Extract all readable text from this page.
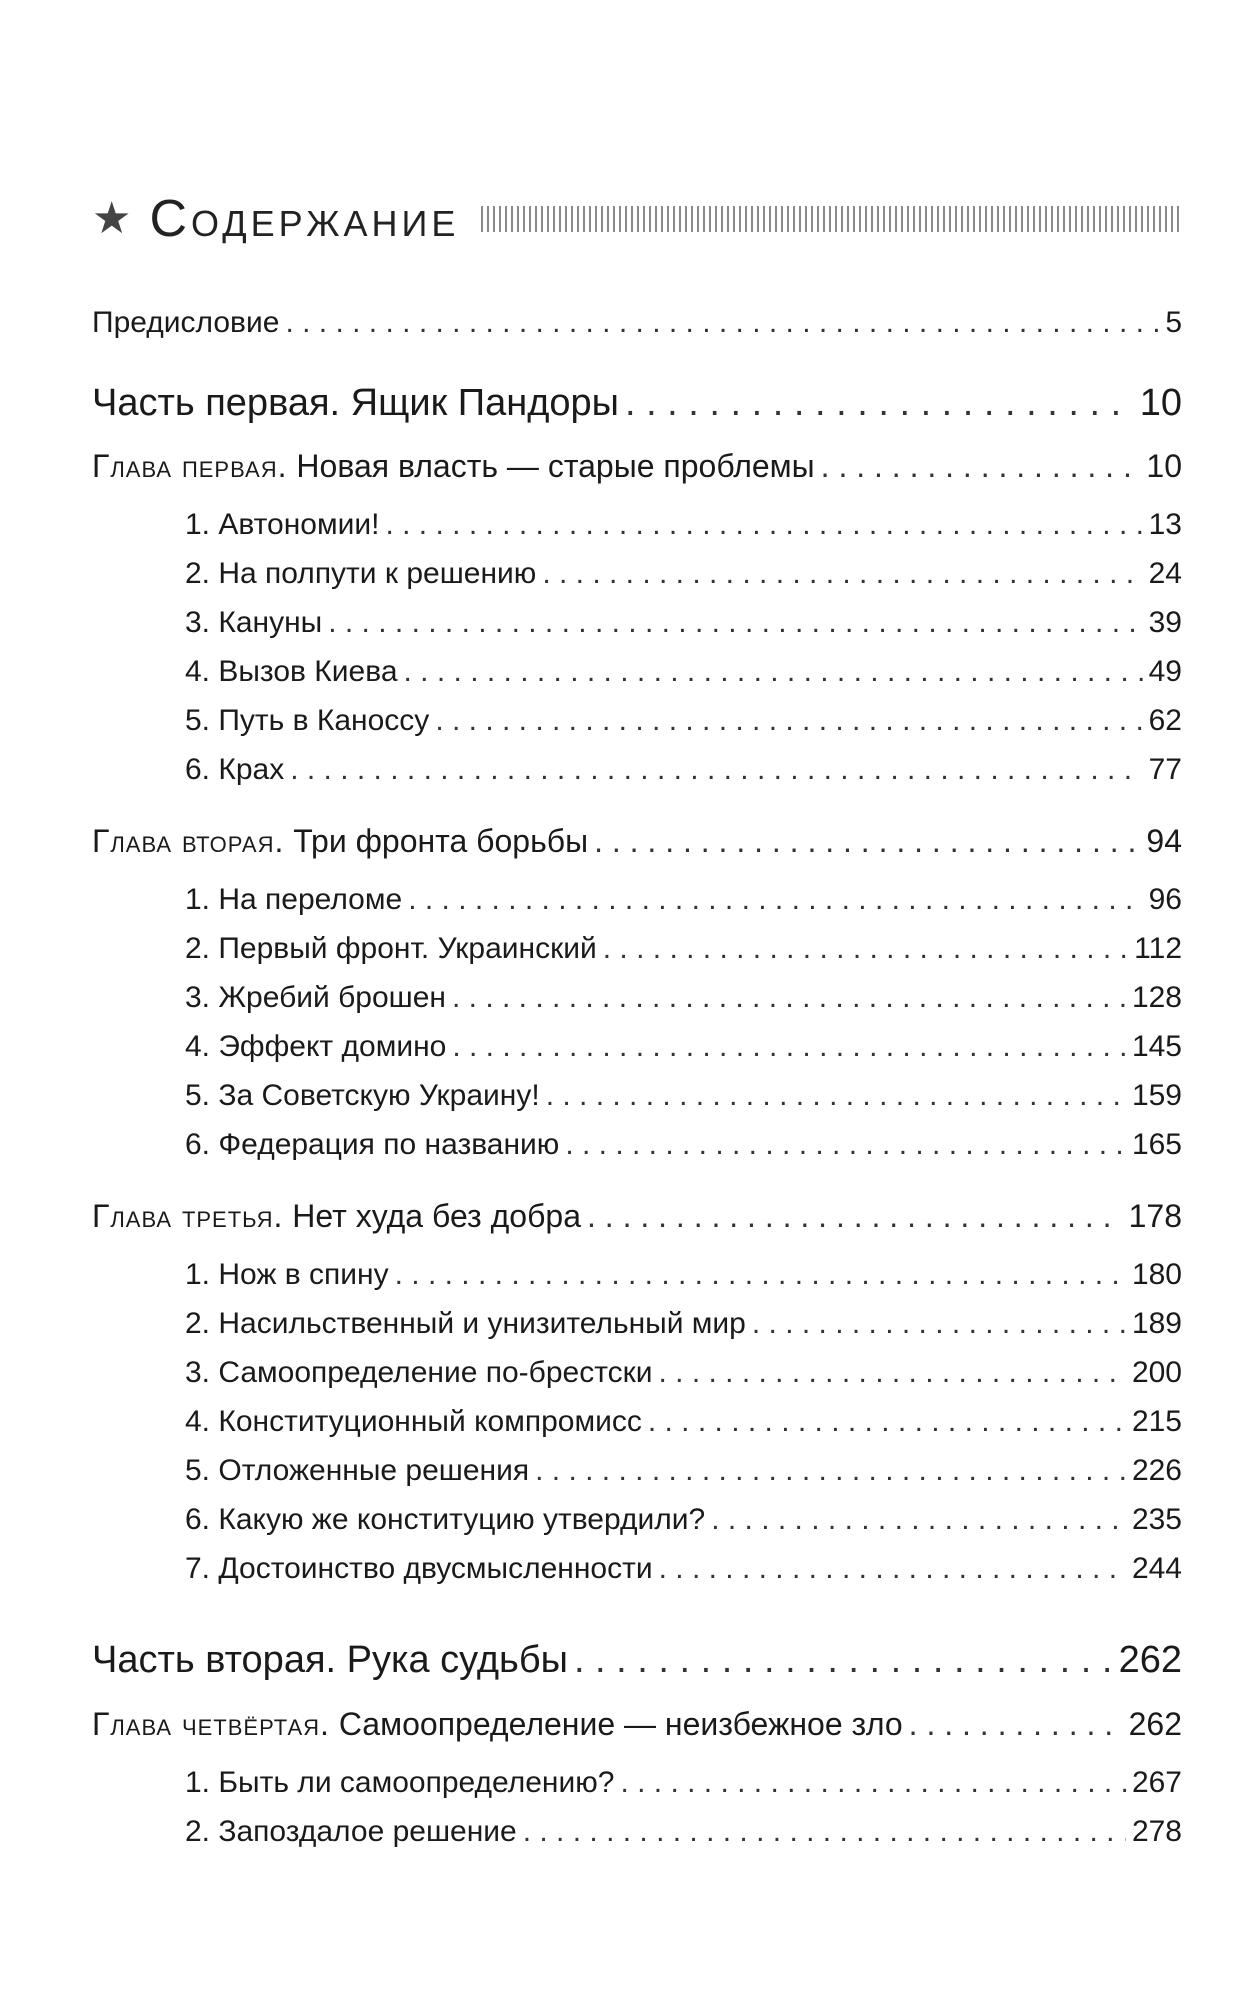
★ Содержание
Предисловие . . .	5
Часть первая. Ящик Пандоры . . .	10
Глава первая. Новая власть — старые проблемы . . .	10
1. Автономии! . . .	13
2. На полпути к решению . . .	24
3. Кануны . . .	39
4. Вызов Киева . . .	49
5. Путь в Каноссу . . .	62
6. Крах . . .	77
Глава вторая. Три фронта борьбы . . .	94
1. На переломе . . .	96
2. Первый фронт. Украинский . . .	112
3. Жребий брошен . . .	128
4. Эффект домино . . .	145
5. За Советскую Украину! . . .	159
6. Федерация по названию . . .	165
Глава третья. Нет худа без добра . . .	178
1. Нож в спину . . .	180
2. Насильственный и унизительный мир . . .	189
3. Самоопределение по-брестски . . .	200
4. Конституционный компромисс . . .	215
5. Отложенные решения . . .	226
6. Какую же конституцию утвердили? . . .	235
7. Достоинство двусмысленности . . .	244
Часть вторая. Рука судьбы . . .	262
Глава четвёртая. Самоопределение — неизбежное зло . . .	262
1. Быть ли самоопределению? . . .	267
2. Запоздалое решение . . .	278
